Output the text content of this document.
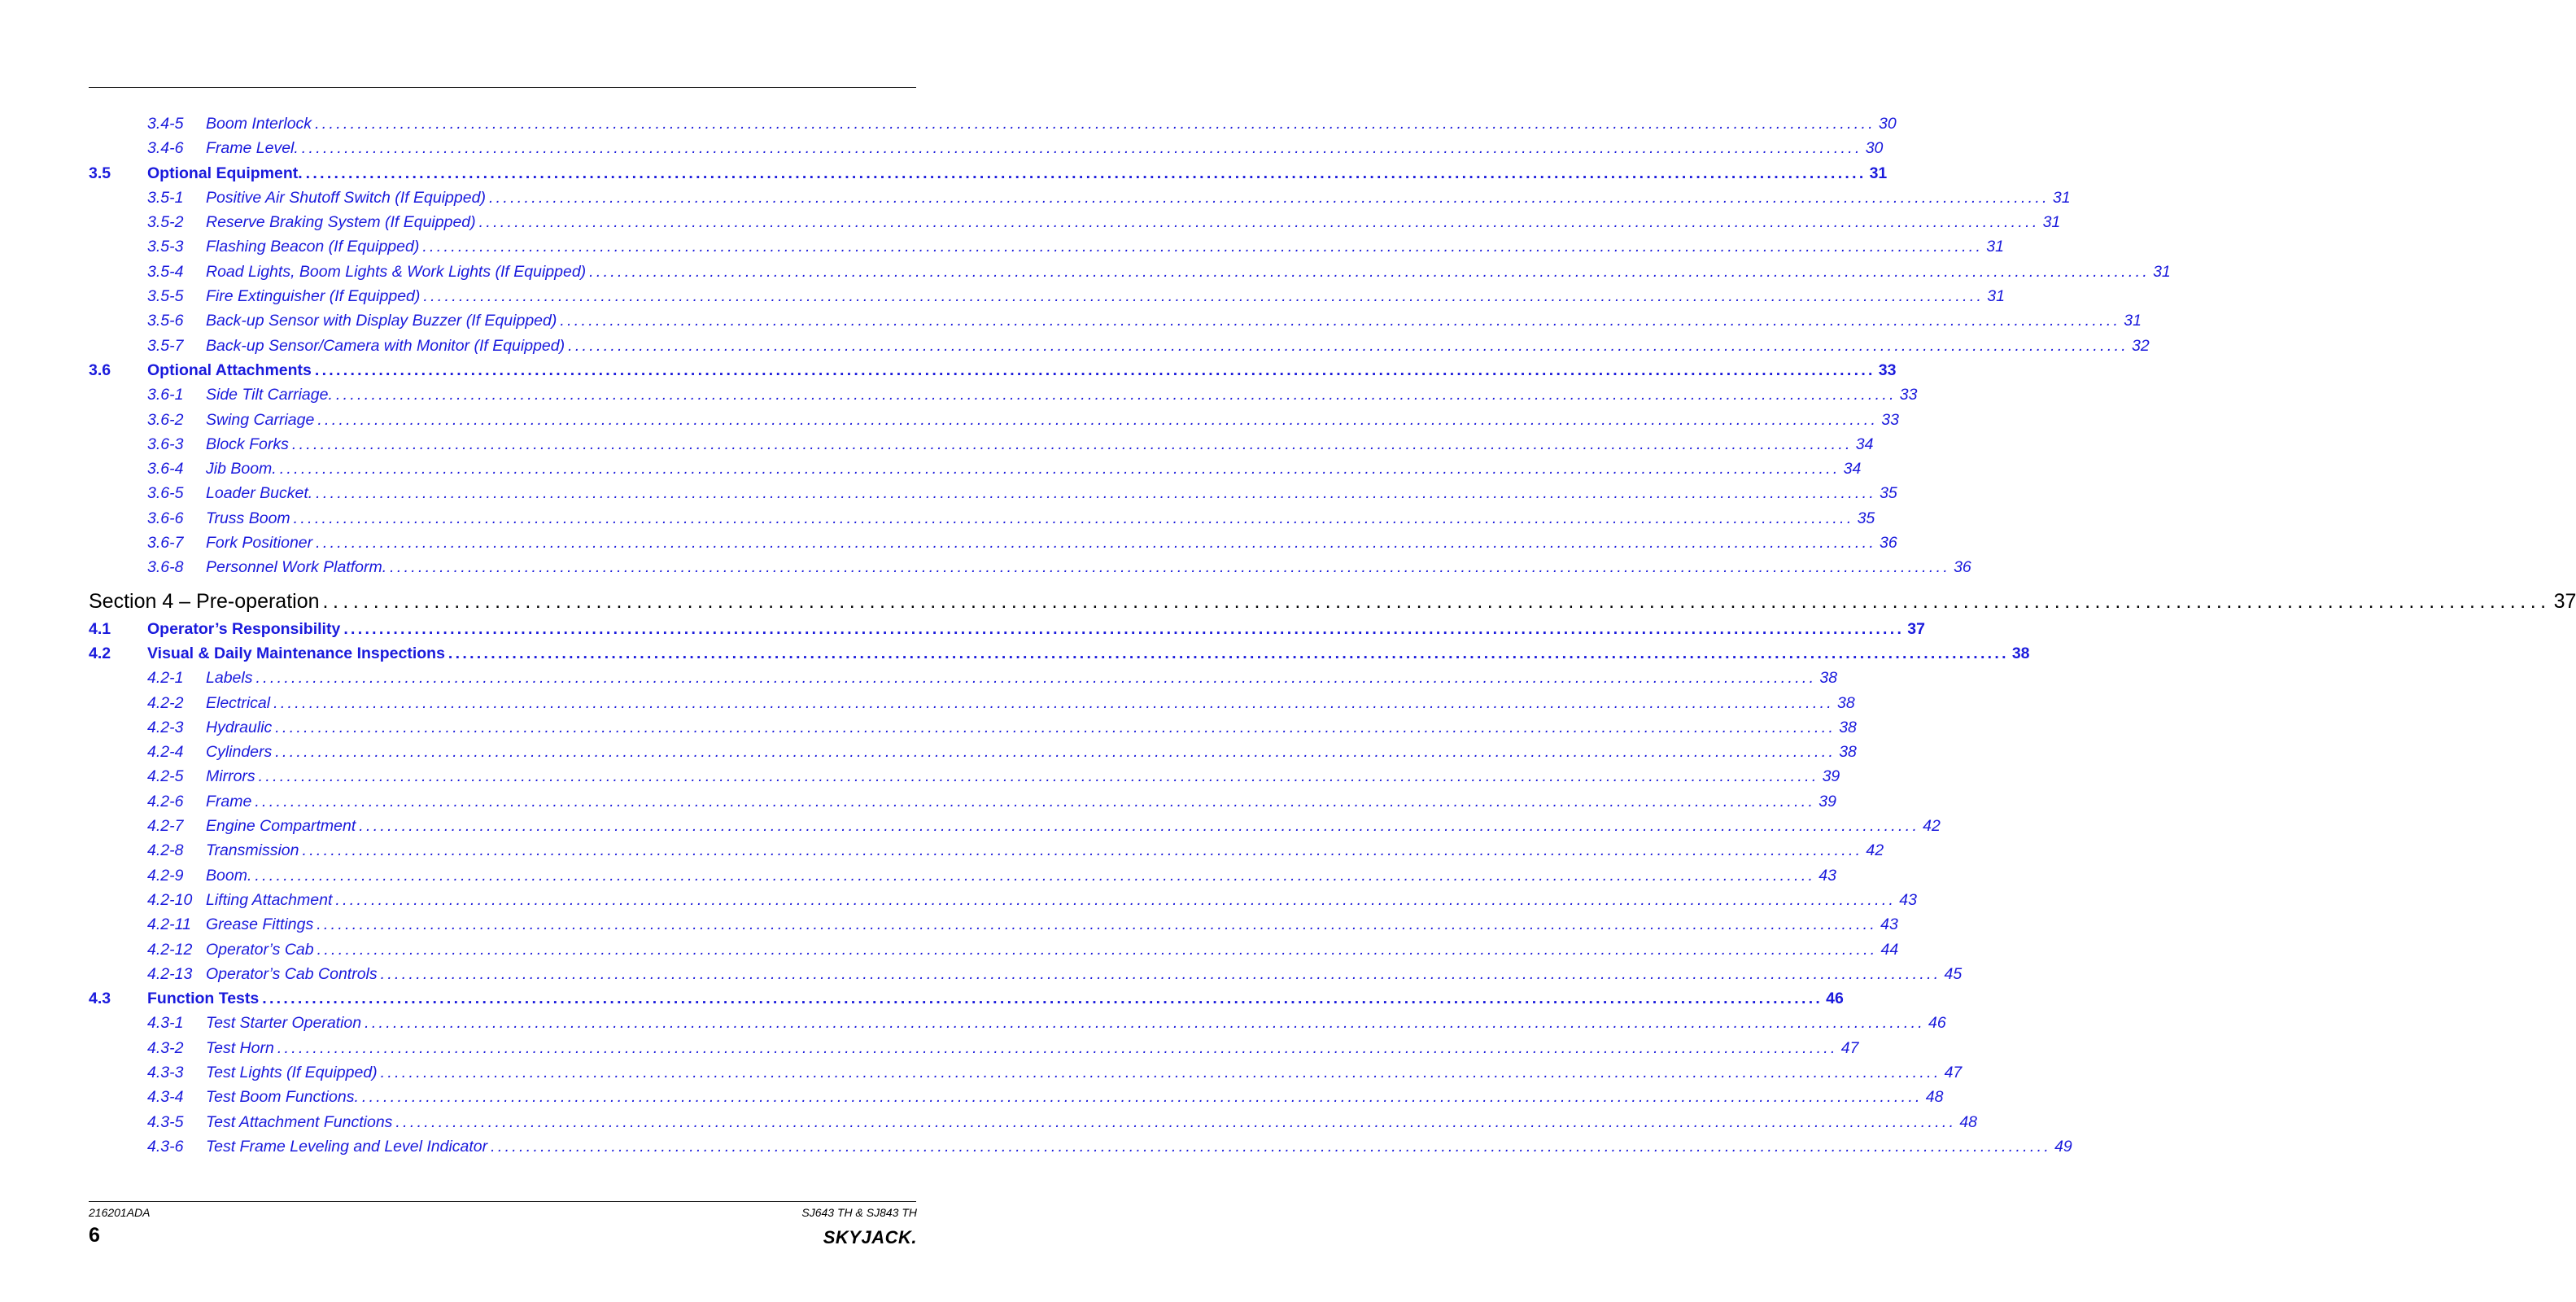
3.4-5	Boom Interlock ............................................................................................................................................................................................................................ 30
3.4-6	Frame Level. ............................................................................................................................................................................................................................ 30
3.5	Optional Equipment. ............................................................................................................................................................................................................................ 31
3.5-1	Positive Air Shutoff Switch (If Equipped) ............................................................................................................................................................................................................................ 31
3.5-2	Reserve Braking System (If Equipped) ............................................................................................................................................................................................................................ 31
3.5-3	Flashing Beacon (If Equipped) ............................................................................................................................................................................................................................ 31
3.5-4	Road Lights, Boom Lights & Work Lights (If Equipped) ............................................................................................................................................................................................................................ 31
3.5-5	Fire Extinguisher (If Equipped) ............................................................................................................................................................................................................................ 31
3.5-6	Back-up Sensor with Display Buzzer (If Equipped) ............................................................................................................................................................................................................................ 31
3.5-7	Back-up Sensor/Camera with Monitor (If Equipped) ............................................................................................................................................................................................................................ 32
3.6	Optional Attachments ............................................................................................................................................................................................................................ 33
3.6-1	Side Tilt Carriage. ............................................................................................................................................................................................................................ 33
3.6-2	Swing Carriage ............................................................................................................................................................................................................................ 33
3.6-3	Block Forks ............................................................................................................................................................................................................................ 34
3.6-4	Jib Boom. ............................................................................................................................................................................................................................ 34
3.6-5	Loader Bucket. ............................................................................................................................................................................................................................ 35
3.6-6	Truss Boom ............................................................................................................................................................................................................................ 35
3.6-7	Fork Positioner ............................................................................................................................................................................................................................ 36
3.6-8	Personnel Work Platform. ............................................................................................................................................................................................................................ 36
Section 4 – Pre-operation ............................................................................................................................................................................................................................ 37
4.1	Operator’s Responsibility ............................................................................................................................................................................................................................ 37
4.2	Visual & Daily Maintenance Inspections ............................................................................................................................................................................................................................ 38
4.2-1	Labels ............................................................................................................................................................................................................................ 38
4.2-2	Electrical ............................................................................................................................................................................................................................ 38
4.2-3	Hydraulic ............................................................................................................................................................................................................................ 38
4.2-4	Cylinders ............................................................................................................................................................................................................................ 38
4.2-5	Mirrors ............................................................................................................................................................................................................................ 39
4.2-6	Frame ............................................................................................................................................................................................................................ 39
4.2-7	Engine Compartment ............................................................................................................................................................................................................................ 42
4.2-8	Transmission ............................................................................................................................................................................................................................ 42
4.2-9	Boom. ............................................................................................................................................................................................................................ 43
4.2-10 Lifting Attachment ............................................................................................................................................................................................................................ 43
4.2-11 Grease Fittings ............................................................................................................................................................................................................................ 43
4.2-12 Operator’s Cab ............................................................................................................................................................................................................................ 44
4.2-13 Operator’s Cab Controls ............................................................................................................................................................................................................................ 45
4.3	Function Tests ............................................................................................................................................................................................................................ 46
4.3-1	Test Starter Operation ............................................................................................................................................................................................................................ 46
4.3-2	Test Horn ............................................................................................................................................................................................................................ 47
4.3-3	Test Lights (If Equipped) ............................................................................................................................................................................................................................ 47
4.3-4	Test Boom Functions. ............................................................................................................................................................................................................................ 48
4.3-5	Test Attachment Functions ............................................................................................................................................................................................................................ 48
4.3-6	Test Frame Leveling and Level Indicator ............................................................................................................................................................................................................................ 49
216201ADA	SJ643 TH & SJ843 TH
6	SKYJACK.
